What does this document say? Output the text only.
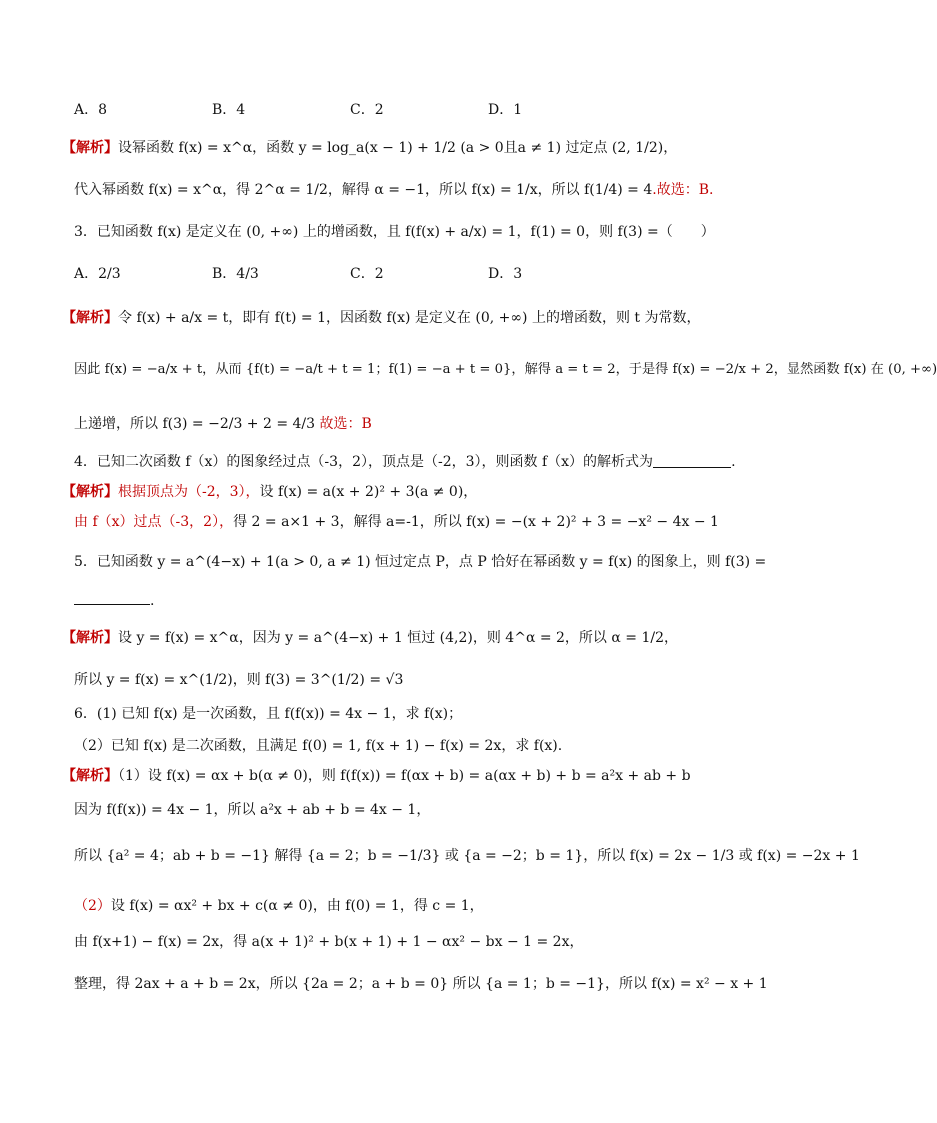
A．8	B．4	C．2	D．1
【解析】设幂函数 f(x) = x^α，函数 y = log_a(x − 1) + 1/2 (a > 0且a ≠ 1) 过定点 (2, 1/2)，
代入幂函数 f(x) = x^α，得 2^α = 1/2，解得 α = −1，所以 f(x) = 1/x，所以 f(1/4) = 4.故选：B.
3．已知函数 f(x) 是定义在 (0, +∞) 上的增函数，且 f(f(x) + a/x) = 1，f(1) = 0，则 f(3) =（　　）
A．2/3	B．4/3	C．2	D．3
【解析】令 f(x) + a/x = t，即有 f(t) = 1，因函数 f(x) 是定义在 (0, +∞) 上的增函数，则 t 为常数，
因此 f(x) = −a/x + t，从而 {f(t) = −a/t + t = 1；f(1) = −a + t = 0}，解得 a = t = 2，于是得 f(x) = −2/x + 2，显然函数 f(x) 在 (0, +∞)
上递增，所以 f(3) = −2/3 + 2 = 4/3 故选：B
4．已知二次函数 f（x）的图象经过点（-3，2），顶点是（-2，3），则函数 f（x）的解析式为	.
【解析】根据顶点为（-2，3），设 f(x) = a(x + 2)² + 3(a ≠ 0)，
由 f（x）过点（-3，2），得 2 = a×1 + 3，解得 a=-1，所以 f(x) = −(x + 2)² + 3 = −x² − 4x − 1
5．已知函数 y = a^(4−x) + 1(a > 0, a ≠ 1) 恒过定点 P，点 P 恰好在幂函数 y = f(x) 的图象上，则 f(3) =
.
【解析】设 y = f(x) = x^α，因为 y = a^(4−x) + 1 恒过 (4,2)，则 4^α = 2，所以 α = 1/2，
所以 y = f(x) = x^(1/2)，则 f(3) = 3^(1/2) = √3
6．(1) 已知 f(x) 是一次函数，且 f(f(x)) = 4x − 1，求 f(x)；
（2）已知 f(x) 是二次函数，且满足 f(0) = 1, f(x + 1) − f(x) = 2x，求 f(x).
【解析】（1）设 f(x) = αx + b(α ≠ 0)，则 f(f(x)) = f(αx + b) = a(αx + b) + b = a²x + ab + b
因为 f(f(x)) = 4x − 1，所以 a²x + ab + b = 4x − 1，
所以 {a² = 4；ab + b = −1} 解得 {a = 2；b = −1/3} 或 {a = −2；b = 1}，所以 f(x) = 2x − 1/3 或 f(x) = −2x + 1
（2）设 f(x) = αx² + bx + c(α ≠ 0)，由 f(0) = 1，得 c = 1，
由 f(x+1) − f(x) = 2x，得 a(x + 1)² + b(x + 1) + 1 − αx² − bx − 1 = 2x，
整理，得 2ax + a + b = 2x，所以 {2a = 2；a + b = 0} 所以 {a = 1；b = −1}，所以 f(x) = x² − x + 1
